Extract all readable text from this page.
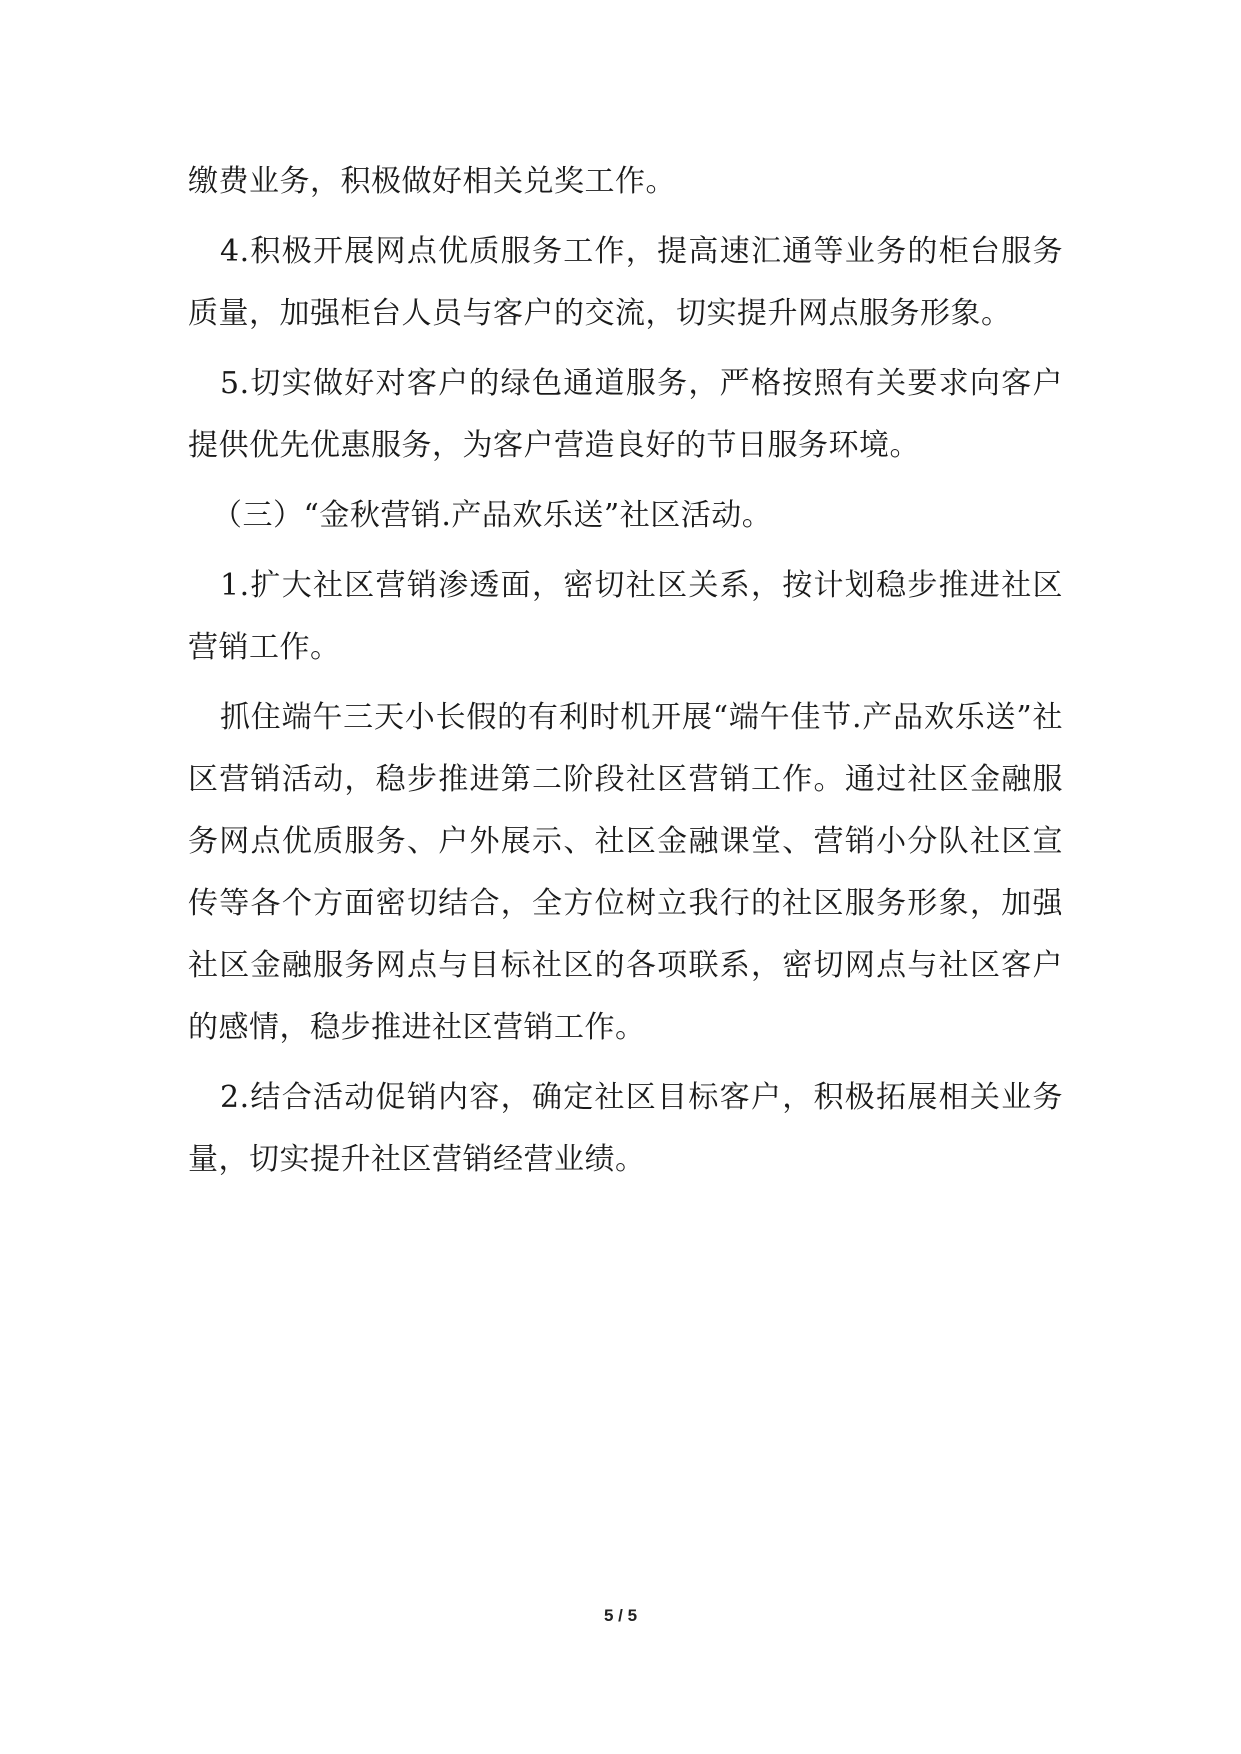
缴费业务，积极做好相关兑奖工作。

4.积极开展网点优质服务工作，提高速汇通等业务的柜台服务质量，加强柜台人员与客户的交流，切实提升网点服务形象。

5.切实做好对客户的绿色通道服务，严格按照有关要求向客户提供优先优惠服务，为客户营造良好的节日服务环境。

（三）“金秋营销.产品欢乐送”社区活动。

1.扩大社区营销渗透面，密切社区关系，按计划稳步推进社区营销工作。

抓住端午三天小长假的有利时机开展“端午佳节.产品欢乐送”社区营销活动，稳步推进第二阶段社区营销工作。通过社区金融服务网点优质服务、户外展示、社区金融课堂、营销小分队社区宣传等各个方面密切结合，全方位树立我行的社区服务形象，加强社区金融服务网点与目标社区的各项联系，密切网点与社区客户的感情，稳步推进社区营销工作。

2.结合活动促销内容，确定社区目标客户，积极拓展相关业务量，切实提升社区营销经营业绩。

5 / 5
